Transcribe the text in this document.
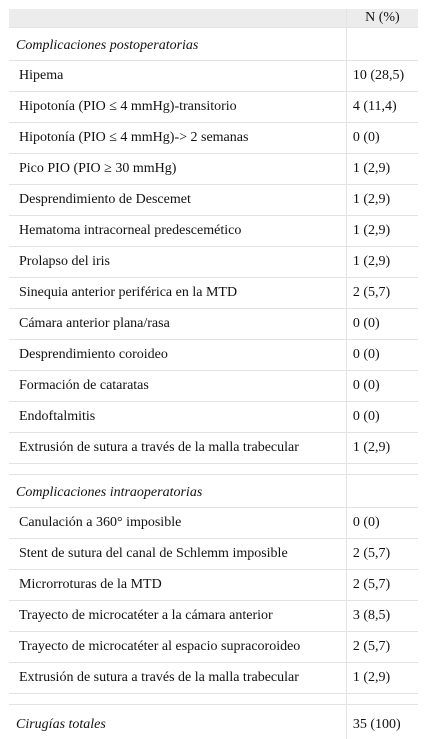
	N (%)
Complicaciones postoperatorias	
Hipema	10 (28,5)
Hipotonía (PIO ≤ 4 mmHg)-transitorio	4 (11,4)
Hipotonía (PIO ≤ 4 mmHg)-> 2 semanas	0 (0)
Pico PIO (PIO ≥ 30 mmHg)	1 (2,9)
Desprendimiento de Descemet	1 (2,9)
Hematoma intracorneal predescemético	1 (2,9)
Prolapso del iris	1 (2,9)
Sinequia anterior periférica en la MTD	2 (5,7)
Cámara anterior plana/rasa	0 (0)
Desprendimiento coroideo	0 (0)
Formación de cataratas	0 (0)
Endoftalmitis	0 (0)
Extrusión de sutura a través de la malla trabecular	1 (2,9)

Complicaciones intraoperatorias	
Canulación a 360° imposible	0 (0)
Stent de sutura del canal de Schlemm imposible	2 (5,7)
Microrroturas de la MTD	2 (5,7)
Trayecto de microcatéter a la cámara anterior	3 (8,5)
Trayecto de microcatéter al espacio supracoroideo	2 (5,7)
Extrusión de sutura a través de la malla trabecular	1 (2,9)

Cirugías totales	35 (100)
